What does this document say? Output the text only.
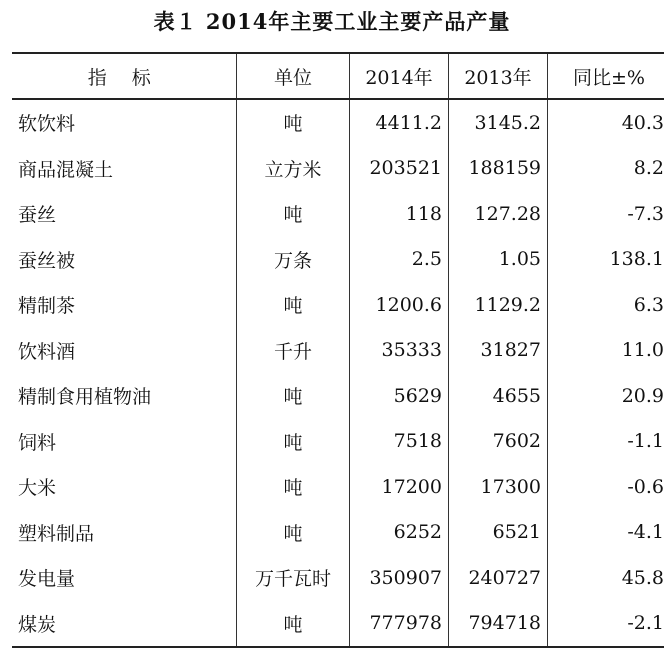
表１ 2014年主要工业主要产品产量
指 标	单位	2014年	2013年	同比±%
软饮料	吨	4411.2	3145.2	40.3
商品混凝土	立方米	203521	188159	8.2
蚕丝	吨	118	127.28	-7.3
蚕丝被	万条	2.5	1.05	138.1
精制茶	吨	1200.6	1129.2	6.3
饮料酒	千升	35333	31827	11.0
精制食用植物油	吨	5629	4655	20.9
饲料	吨	7518	7602	-1.1
大米	吨	17200	17300	-0.6
塑料制品	吨	6252	6521	-4.1
发电量	万千瓦时	350907	240727	45.8
煤炭	吨	777978	794718	-2.1
